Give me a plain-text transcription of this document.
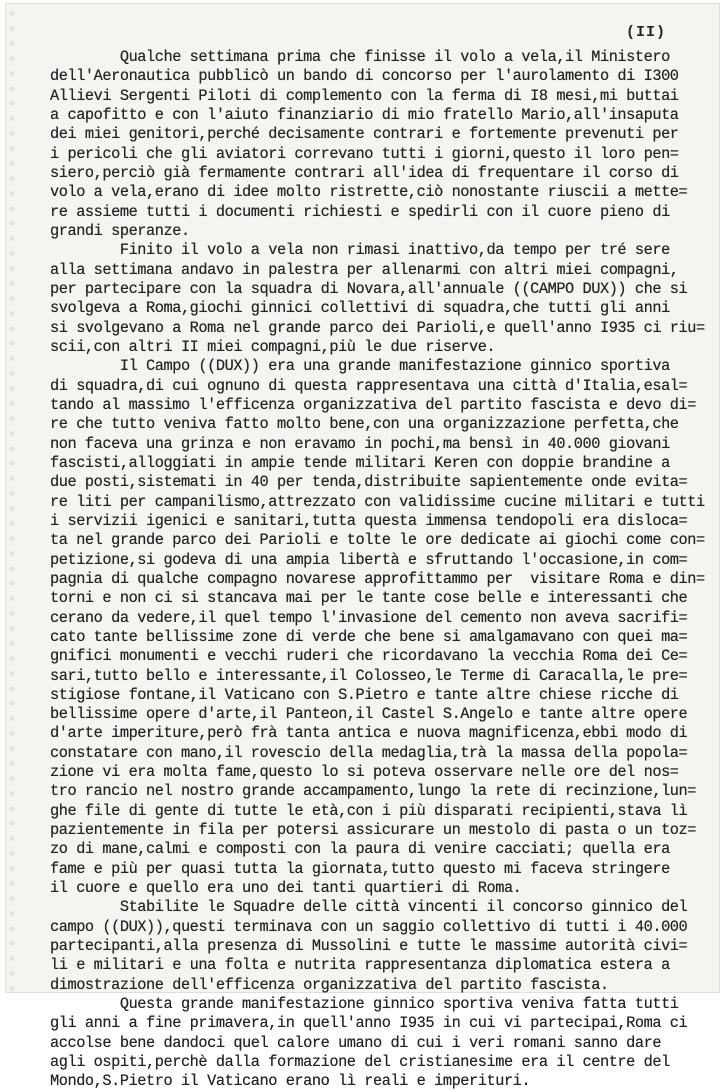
(II)
Qualche settimana prima che finisse il volo a vela,il Ministero
dell'Aeronautica pubblicò un bando di concorso per l'aurolamento di I300
Allievi Sergenti Piloti di complemento con la ferma di I8 mesi,mi buttai
a capofitto e con l'aiuto finanziario di mio fratello Mario,all'insaputa
dei miei genitori,perché decisamente contrari e fortemente prevenuti per
i pericoli che gli aviatori correvano tutti i giorni,questo il loro pen=
siero,perciò già fermamente contrari all'idea di frequentare il corso di
volo a vela,erano di idee molto ristrette,ciò nonostante riuscii a mette=
re assieme tutti i documenti richiesti e spedirli con il cuore pieno di
grandi speranze.
Finito il volo a vela non rimasi inattivo,da tempo per tré sere
alla settimana andavo in palestra per allenarmi con altri miei compagni,
per partecipare con la squadra di Novara,all'annuale ((CAMPO DUX)) che si
svolgeva a Roma,giochi ginnici collettivi di squadra,che tutti gli anni
si svolgevano a Roma nel grande parco dei Parioli,e quell'anno I935 ci riu=
scii,con altri II miei compagni,più le due riserve.
Il Campo ((DUX)) era una grande manifestazione ginnico sportiva
di squadra,di cui ognuno di questa rappresentava una città d'Italia,esal=
tando al massimo l'efficenza organizzativa del partito fascista e devo di=
re che tutto veniva fatto molto bene,con una organizzazione perfetta,che
non faceva una grinza e non eravamo in pochi,ma bensì in 40.000 giovani
fascisti,alloggiati in ampie tende militari Keren con doppie brandine a
due posti,sistemati in 40 per tenda,distribuite sapientemente onde evita=
re liti per campanilismo,attrezzato con validissime cucine militari e tutti
i servizii igenici e sanitari,tutta questa immensa tendopoli era disloca=
ta nel grande parco dei Parioli e tolte le ore dedicate ai giochi come con=
petizione,si godeva di una ampia libertà e sfruttando l'occasione,in com=
pagnia di qualche compagno novarese approfittammo per  visitare Roma e din=
torni e non ci si stancava mai per le tante cose belle e interessanti che
cerano da vedere,il quel tempo l'invasione del cemento non aveva sacrifi=
cato tante bellissime zone di verde che bene si amalgamavano con quei ma=
gnifici monumenti e vecchi ruderi che ricordavano la vecchia Roma dei Ce=
sari,tutto bello e interessante,il Colosseo,le Terme di Caracalla,le pre=
stigiose fontane,il Vaticano con S.Pietro e tante altre chiese ricche di
bellissime opere d'arte,il Panteon,il Castel S.Angelo e tante altre opere
d'arte imperiture,però frà tanta antica e nuova magnificenza,ebbi modo di
constatare con mano,il rovescio della medaglia,trà la massa della popola=
zione vi era molta fame,questo lo si poteva osservare nelle ore del nos=
tro rancio nel nostro grande accampamento,lungo la rete di recinzione,lun=
ghe file di gente di tutte le età,con i più disparati recipienti,stava lì
pazientemente in fila per potersi assicurare un mestolo di pasta o un toz=
zo di mane,calmi e composti con la paura di venire cacciati; quella era
fame e più per quasi tutta la giornata,tutto questo mi faceva stringere
il cuore e quello era uno dei tanti quartieri di Roma.
Stabilite le Squadre delle città vincenti il concorso ginnico del
campo ((DUX)),questi terminava con un saggio collettivo di tutti i 40.000
partecipanti,alla presenza di Mussolini e tutte le massime autorità civi=
li e militari e una folta e nutrita rappresentanza diplomatica estera a
dimostrazione dell'efficenza organizzativa del partito fascista.
Questa grande manifestazione ginnico sportiva veniva fatta tutti
gli anni a fine primavera,in quell'anno I935 in cui vi partecipai,Roma ci
accolse bene dandoci quel calore umano di cui i veri romani sanno dare
agli ospiti,perchè dalla formazione del cristianesime era il centre del
Mondo,S.Pietro il Vaticano erano lì reali e imperituri.
